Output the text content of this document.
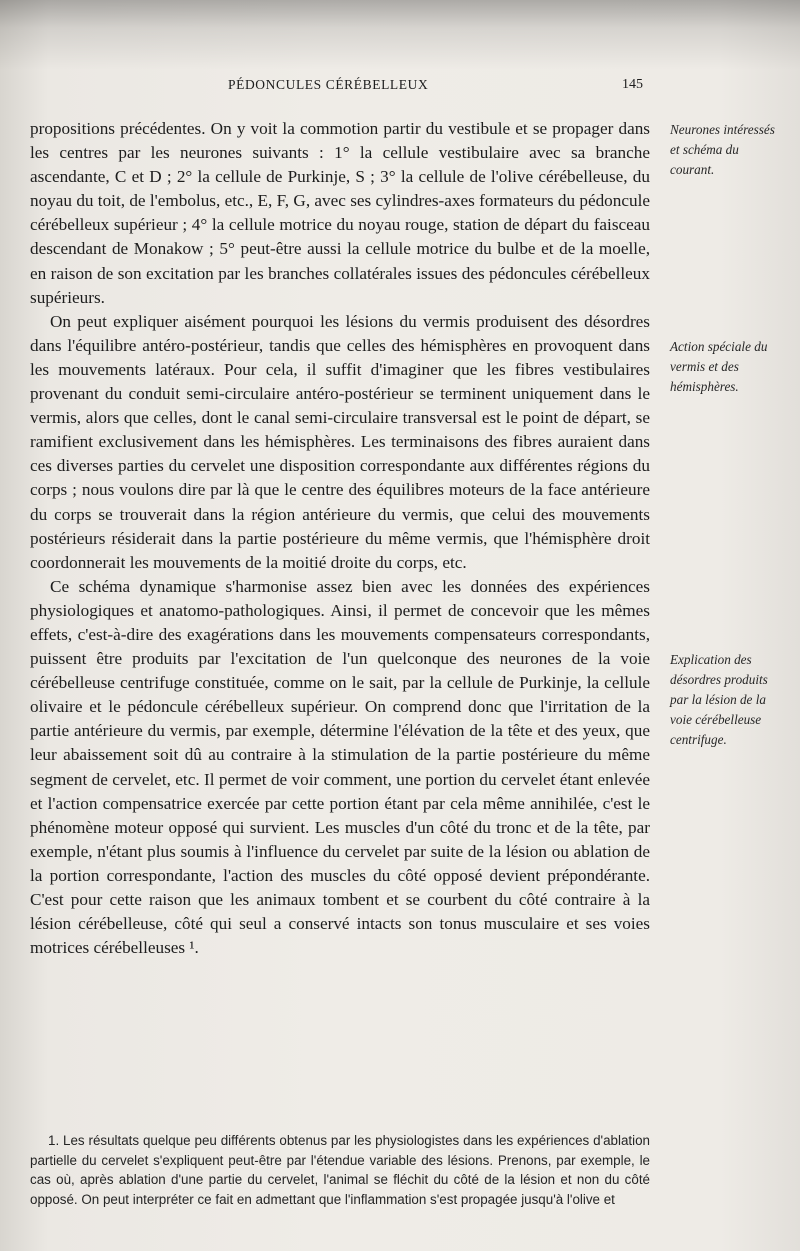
PÉDONCULES CÉRÉBELLEUX	145

propositions précédentes. On y voit la commotion partir du vestibule et se propager dans les centres par les neurones suivants : 1° la cellule vestibulaire avec sa branche ascendante, C et D ; 2° la cellule de Purkinje, S ; 3° la cellule de l'olive cérébelleuse, du noyau du toit, de l'embolus, etc., E, F, G, avec ses cylindres-axes formateurs du pédoncule cérébelleux supérieur ; 4° la cellule motrice du noyau rouge, station de départ du faisceau descendant de Monakow ; 5° peut-être aussi la cellule motrice du bulbe et de la moelle, en raison de son excitation par les branches collatérales issues des pédoncules cérébelleux supérieurs.

On peut expliquer aisément pourquoi les lésions du vermis produisent des désordres dans l'équilibre antéro-postérieur, tandis que celles des hémisphères en provoquent dans les mouvements latéraux. Pour cela, il suffit d'imaginer que les fibres vestibulaires provenant du conduit semi-circulaire antéro-postérieur se terminent uniquement dans le vermis, alors que celles, dont le canal semi-circulaire transversal est le point de départ, se ramifient exclusivement dans les hémisphères. Les terminaisons des fibres auraient dans ces diverses parties du cervelet une disposition correspondante aux différentes régions du corps ; nous voulons dire par là que le centre des équilibres moteurs de la face antérieure du corps se trouverait dans la région antérieure du vermis, que celui des mouvements postérieurs résiderait dans la partie postérieure du même vermis, que l'hémisphère droit coordonnerait les mouvements de la moitié droite du corps, etc.

Ce schéma dynamique s'harmonise assez bien avec les données des expériences physiologiques et anatomo-pathologiques. Ainsi, il permet de concevoir que les mêmes effets, c'est-à-dire des exagérations dans les mouvements compensateurs correspondants, puissent être produits par l'excitation de l'un quelconque des neurones de la voie cérébelleuse centrifuge constituée, comme on le sait, par la cellule de Purkinje, la cellule olivaire et le pédoncule cérébelleux supérieur. On comprend donc que l'irritation de la partie antérieure du vermis, par exemple, détermine l'élévation de la tête et des yeux, que leur abaissement soit dû au contraire à la stimulation de la partie postérieure du même segment de cervelet, etc. Il permet de voir comment, une portion du cervelet étant enlevée et l'action compensatrice exercée par cette portion étant par cela même annihilée, c'est le phénomène moteur opposé qui survient. Les muscles d'un côté du tronc et de la tête, par exemple, n'étant plus soumis à l'influence du cervelet par suite de la lésion ou ablation de la portion correspondante, l'action des muscles du côté opposé devient prépondérante. C'est pour cette raison que les animaux tombent et se courbent du côté contraire à la lésion cérébelleuse, côté qui seul a conservé intacts son tonus musculaire et ses voies motrices cérébelleuses ¹.

Neurones intéressés et schéma du courant.
Action spéciale du vermis et des hémisphères.
Explication des désordres produits par la lésion de la voie cérébelleuse centrifuge.

1. Les résultats quelque peu différents obtenus par les physiologistes dans les expériences d'ablation partielle du cervelet s'expliquent peut-être par l'étendue variable des lésions. Prenons, par exemple, le cas où, après ablation d'une partie du cervelet, l'animal se fléchit du côté de la lésion et non du côté opposé. On peut interpréter ce fait en admettant que l'inflammation s'est propagée jusqu'à l'olive et
